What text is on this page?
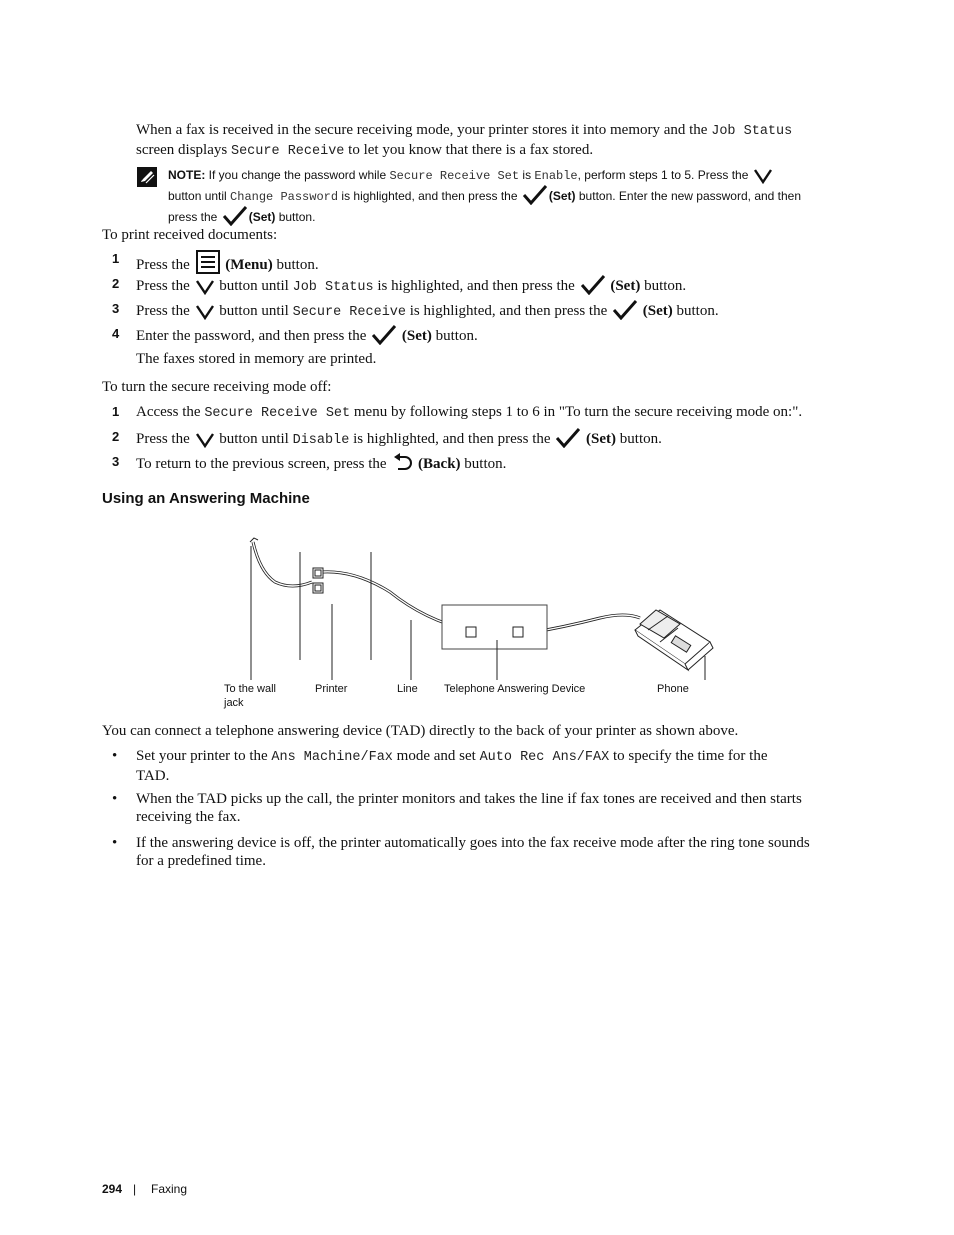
When a fax is received in the secure receiving mode, your printer stores it into memory and the Job Status
screen displays Secure Receive to let you know that there is a fax stored.
NOTE: If you change the password while Secure Receive Set is Enable, perform steps 1 to 5. Press the
button until Change Password is highlighted, and then press the (Set) button. Enter the new password, and then
press the (Set) button.
To print received documents:
1 Press the  (Menu) button.
2 Press the  button until Job Status is highlighted, and then press the  (Set) button.
3 Press the  button until Secure Receive is highlighted, and then press the  (Set) button.
4 Enter the password, and then press the  (Set) button.
The faxes stored in memory are printed.
To turn the secure receiving mode off:
1 Access the Secure Receive Set menu by following steps 1 to 6 in "To turn the secure receiving mode on:".
2 Press the  button until Disable is highlighted, and then press the  (Set) button.
3 To return to the previous screen, press the  (Back) button.
Using an Answering Machine
To the wall
jack
Printer	Line Telephone Answering Device	Phone
You can connect a telephone answering device (TAD) directly to the back of your printer as shown above.
• Set your printer to the Ans Machine/Fax mode and set Auto Rec Ans/FAX to specify the time for the
TAD.
• When the TAD picks up the call, the printer monitors and takes the line if fax tones are received and then starts
receiving the fax.
• If the answering device is off, the printer automatically goes into the fax receive mode after the ring tone sounds
for a predefined time.
294 | Faxing
